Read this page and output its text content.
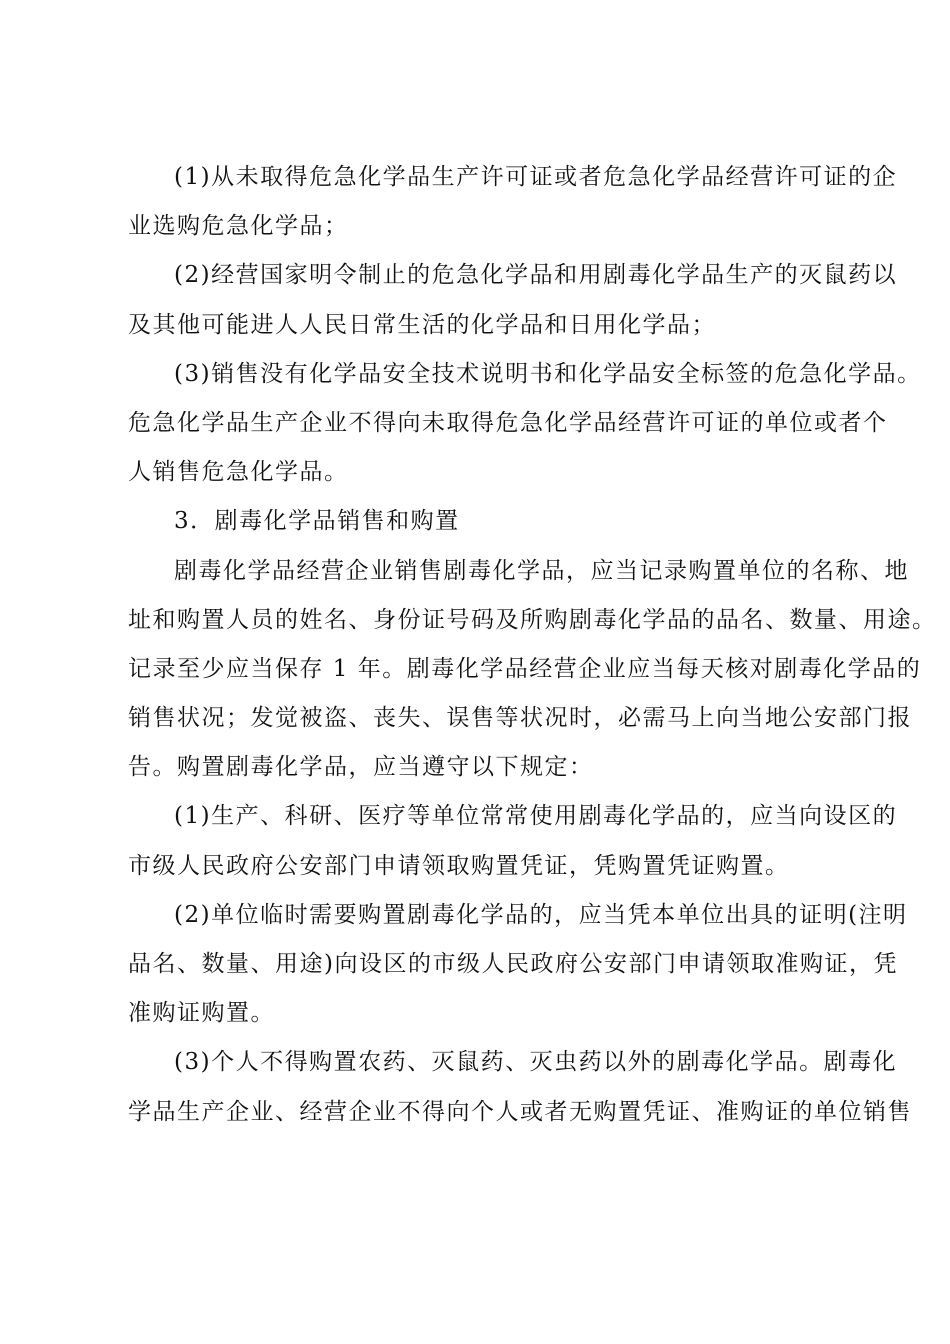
(1)从未取得危急化学品生产许可证或者危急化学品经营许可证的企
业选购危急化学品；
(2)经营国家明令制止的危急化学品和用剧毒化学品生产的灭鼠药以
及其他可能进人人民日常生活的化学品和日用化学品；
(3)销售没有化学品安全技术说明书和化学品安全标签的危急化学品。
危急化学品生产企业不得向未取得危急化学品经营许可证的单位或者个
人销售危急化学品。
3．剧毒化学品销售和购置
剧毒化学品经营企业销售剧毒化学品，应当记录购置单位的名称、地
址和购置人员的姓名、身份证号码及所购剧毒化学品的品名、数量、用途。
记录至少应当保存 1 年。剧毒化学品经营企业应当每天核对剧毒化学品的
销售状况；发觉被盗、丧失、误售等状况时，必需马上向当地公安部门报
告。购置剧毒化学品，应当遵守以下规定：
(1)生产、科研、医疗等单位常常使用剧毒化学品的，应当向设区的
市级人民政府公安部门申请领取购置凭证，凭购置凭证购置。
(2)单位临时需要购置剧毒化学品的，应当凭本单位出具的证明(注明
品名、数量、用途)向设区的市级人民政府公安部门申请领取准购证，凭
准购证购置。
(3)个人不得购置农药、灭鼠药、灭虫药以外的剧毒化学品。剧毒化
学品生产企业、经营企业不得向个人或者无购置凭证、准购证的单位销售
